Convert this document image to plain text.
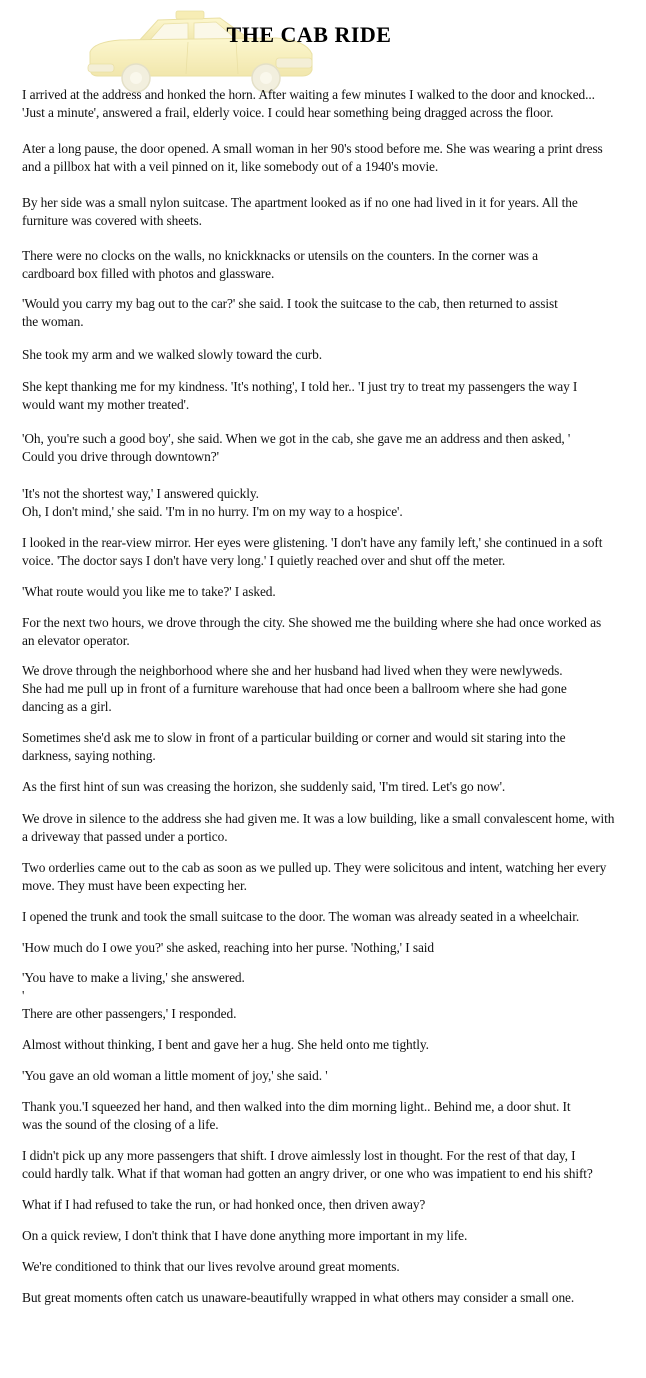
THE CAB RIDE

I arrived at the address and honked the horn. After waiting a few minutes I walked to the door and knocked...
'Just a minute', answered a frail, elderly voice. I could hear something being dragged across the floor.

Ater a long pause, the door opened. A small woman in her 90's stood before me. She was wearing a print dress
and a pillbox hat with a veil pinned on it, like somebody out of a 1940's movie.

By her side was a small nylon suitcase. The apartment looked as if no one had lived in it for years. All the
furniture was covered with sheets.

There were no clocks on the walls, no knickknacks or utensils on the counters. In the corner was a
cardboard box filled with photos and glassware.

'Would you carry my bag out to the car?' she said. I took the suitcase to the cab, then returned to assist
the woman.

She took my arm and we walked slowly toward the curb.

She kept thanking me for my kindness. 'It's nothing', I told her.. 'I just try to treat my passengers the way I
would want my mother treated'.

'Oh, you're such a good boy', she said. When we got in the cab, she gave me an address and then asked, '
Could you drive through downtown?'

'It's not the shortest way,' I answered quickly.
Oh, I don't mind,' she said. 'I'm in no hurry. I'm on my way to a hospice'.

I looked in the rear-view mirror. Her eyes were glistening. 'I don't have any family left,' she continued in a soft
voice. 'The doctor says I don't have very long.' I quietly reached over and shut off the meter.

'What route would you like me to take?' I asked.

For the next two hours, we drove through the city. She showed me the building where she had once worked as
an elevator operator.

We drove through the neighborhood where she and her husband had lived when they were newlyweds.
She had me pull up in front of a furniture warehouse that had once been a ballroom where she had gone
dancing as a girl.

Sometimes she'd ask me to slow in front of a particular building or corner and would sit staring into the
darkness, saying nothing.

As the first hint of sun was creasing the horizon, she suddenly said, 'I'm tired. Let's go now'.

We drove in silence to the address she had given me. It was a low building, like a small convalescent home, with
a driveway that passed under a portico.

Two orderlies came out to the cab as soon as we pulled up. They were solicitous and intent, watching her every
move. They must have been expecting her.

I opened the trunk and took the small suitcase to the door. The woman was already seated in a wheelchair.

'How much do I owe you?' she asked, reaching into her purse. 'Nothing,' I said

'You have to make a living,' she answered.
'
There are other passengers,' I responded.

Almost without thinking, I bent and gave her a hug. She held onto me tightly.

'You gave an old woman a little moment of joy,' she said. '

Thank you.'I squeezed her hand, and then walked into the dim morning light.. Behind me, a door shut. It
was the sound of the closing of a life.

I didn't pick up any more passengers that shift. I drove aimlessly lost in thought. For the rest of that day, I
could hardly talk. What if that woman had gotten an angry driver, or one who was impatient to end his shift?

What if I had refused to take the run, or had honked once, then driven away?

On a quick review, I don't think that I have done anything more important in my life.

We're conditioned to think that our lives revolve around great moments.

But great moments often catch us unaware-beautifully wrapped in what others may consider a small one.
